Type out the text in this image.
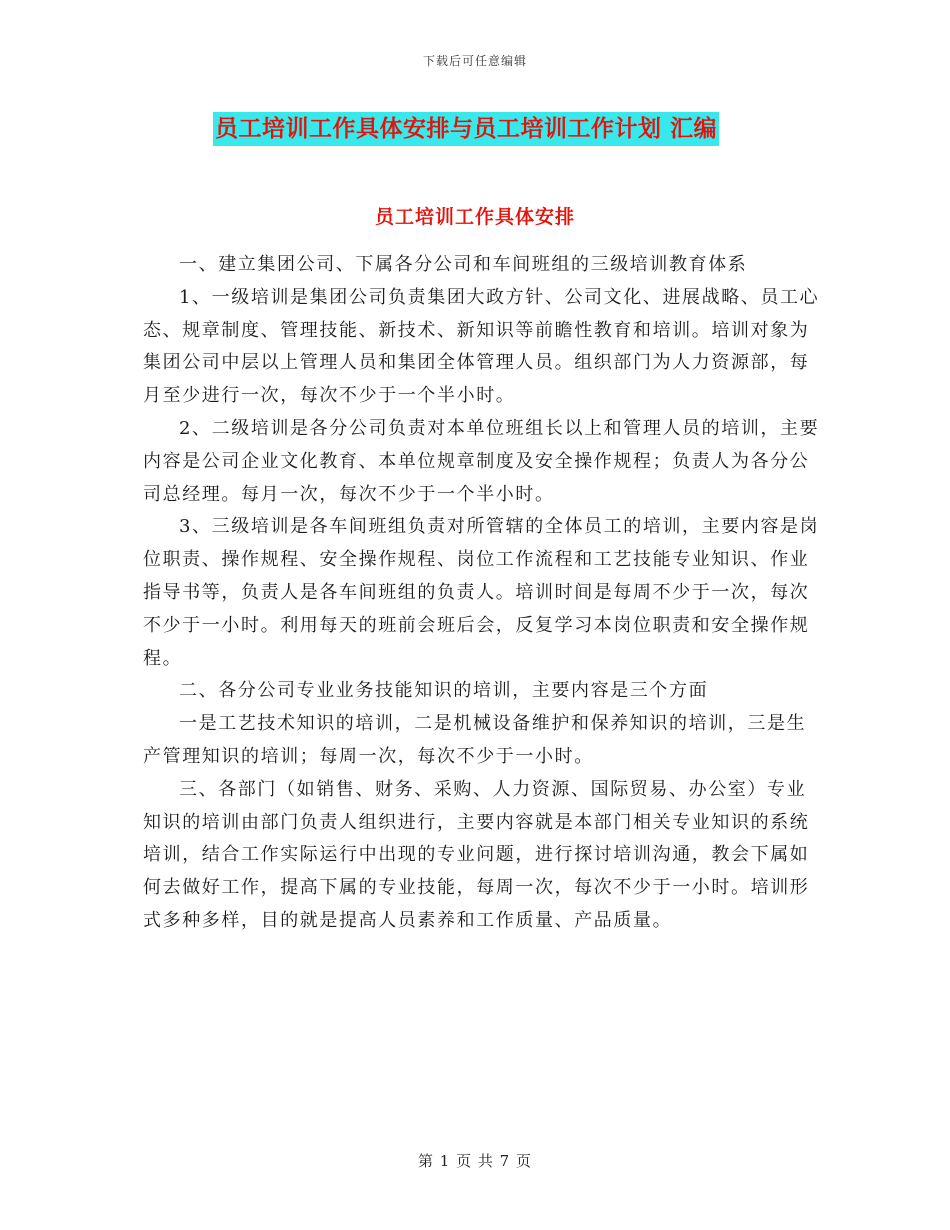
下载后可任意编辑
员工培训工作具体安排与员工培训工作计划 汇编
员工培训工作具体安排

一、建立集团公司、下属各分公司和车间班组的三级培训教育体系

1、一级培训是集团公司负责集团大政方针、公司文化、进展战略、员工心态、规章制度、管理技能、新技术、新知识等前瞻性教育和培训。培训对象为集团公司中层以上管理人员和集团全体管理人员。组织部门为人力资源部，每月至少进行一次，每次不少于一个半小时。

2、二级培训是各分公司负责对本单位班组长以上和管理人员的培训，主要内容是公司企业文化教育、本单位规章制度及安全操作规程；负责人为各分公司总经理。每月一次，每次不少于一个半小时。

3、三级培训是各车间班组负责对所管辖的全体员工的培训，主要内容是岗位职责、操作规程、安全操作规程、岗位工作流程和工艺技能专业知识、作业指导书等，负责人是各车间班组的负责人。培训时间是每周不少于一次，每次不少于一小时。利用每天的班前会班后会，反复学习本岗位职责和安全操作规程。

二、各分公司专业业务技能知识的培训，主要内容是三个方面

一是工艺技术知识的培训，二是机械设备维护和保养知识的培训，三是生产管理知识的培训；每周一次，每次不少于一小时。

三、各部门（如销售、财务、采购、人力资源、国际贸易、办公室）专业知识的培训由部门负责人组织进行，主要内容就是本部门相关专业知识的系统培训，结合工作实际运行中出现的专业问题，进行探讨培训沟通，教会下属如何去做好工作，提高下属的专业技能，每周一次，每次不少于一小时。培训形式多种多样，目的就是提高人员素养和工作质量、产品质量。

第 1 页 共 7 页
